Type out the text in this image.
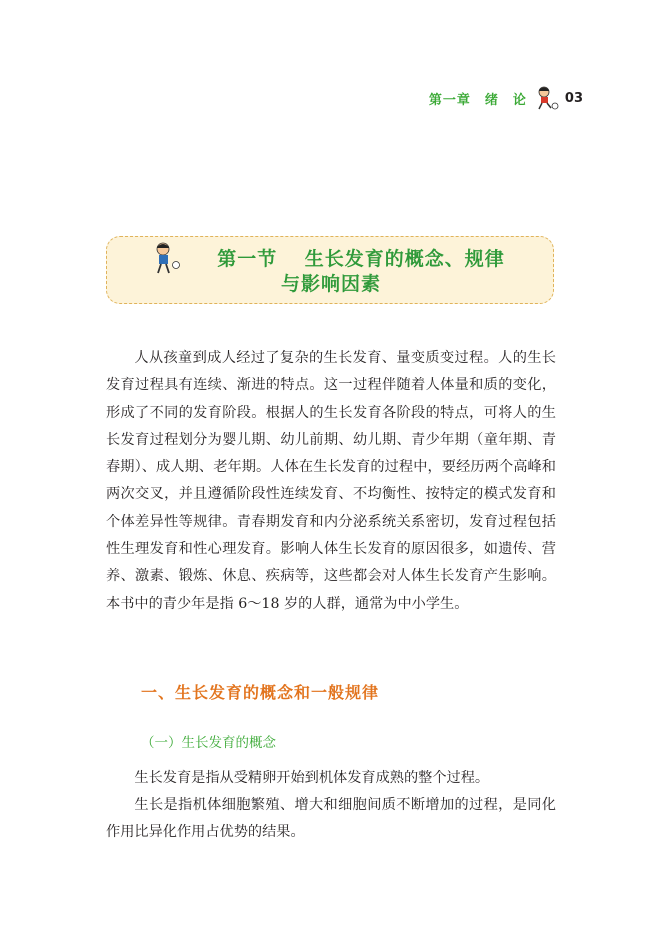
第一章　绪　论	03
第一节　 生长发育的概念、规律
与影响因素

人从孩童到成人经过了复杂的生长发育、量变质变过程。人的生长发育过程具有连续、渐进的特点。这一过程伴随着人体量和质的变化，形成了不同的发育阶段。根据人的生长发育各阶段的特点，可将人的生长发育过程划分为婴儿期、幼儿前期、幼儿期、青少年期（童年期、青春期）、成人期、老年期。人体在生长发育的过程中，要经历两个高峰和两次交叉，并且遵循阶段性连续发育、不均衡性、按特定的模式发育和个体差异性等规律。青春期发育和内分泌系统关系密切，发育过程包括性生理发育和性心理发育。影响人体生长发育的原因很多，如遗传、营养、激素、锻炼、休息、疾病等，这些都会对人体生长发育产生影响。本书中的青少年是指 6～18 岁的人群，通常为中小学生。

一、生长发育的概念和一般规律
（一）生长发育的概念

生长发育是指从受精卵开始到机体发育成熟的整个过程。

生长是指机体细胞繁殖、增大和细胞间质不断增加的过程，是同化作用比异化作用占优势的结果。
